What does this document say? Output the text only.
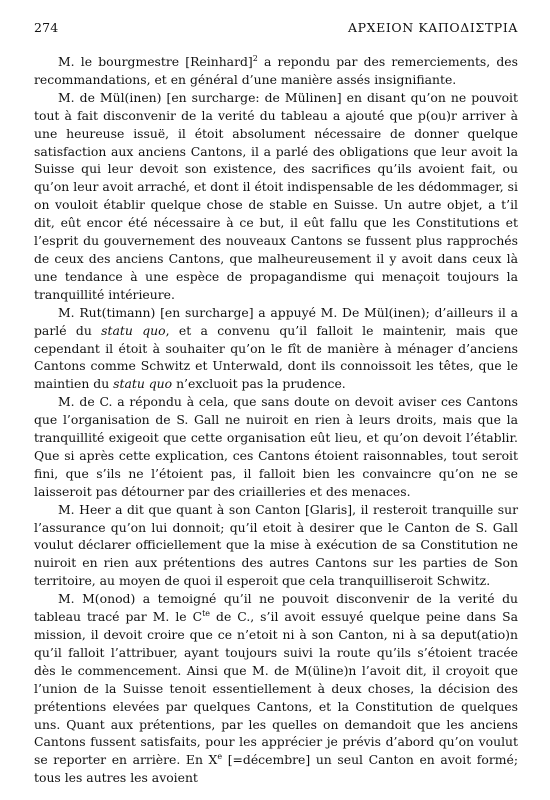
274	ΑΡΧΕΙΟΝ ΚΑΠΟΔΙΣΤΡΙΑ

M. le bourgmestre [Reinhard]$^2$ a repondu par des remerciements, des recommandations, et en général d’une manière assés insignifiante.

M. de Mül(inen) [en surcharge: de Mülinen] en disant qu’on ne pouvoit tout à fait disconvenir de la verité du tableau a ajouté que p(ou)r arriver à une heureuse issuë, il étoit absolument nécessaire de donner quelque satisfaction aux anciens Cantons, il a parlé des obligations que leur avoit la Suisse qui leur devoit son existence, des sacrifices qu’ils avoient fait, ou qu’on leur avoit arraché, et dont il étoit indispensable de les dédommager, si on vouloit établir quelque chose de stable en Suisse. Un autre objet, a t’il dit, eût encor été nécessaire à ce but, il eût fallu que les Constitutions et l’esprit du gouvernement des nouveaux Cantons se fussent plus rapprochés de ceux des anciens Cantons, que malheureusement il y avoit dans ceux là une tendance à une espèce de propagandisme qui menaçoit toujours la tranquillité intérieure.

M. Rut(timann) [en surcharge] a appuyé M. De Mül(inen); d’ailleurs il a parlé du statu quo, et a convenu qu’il falloit le maintenir, mais que cependant il étoit à souhaiter qu’on le fît de manière à ménager d’anciens Cantons comme Schwitz et Unterwald, dont ils connoissoit les têtes, que le maintien du statu quo n’excluoit pas la prudence.

M. de C. a répondu à cela, que sans doute on devoit aviser ces Cantons que l’organisation de S. Gall ne nuiroit en rien à leurs droits, mais que la tranquillité exigeoit que cette organisation eût lieu, et qu’on devoit l’établir. Que si après cette explication, ces Cantons étoient raisonnables, tout seroit fini, que s’ils ne l’étoient pas, il falloit bien les convaincre qu’on ne se laisseroit pas détourner par des criailleries et des menaces.

M. Heer a dit que quant à son Canton [Glaris], il resteroit tranquille sur l’assurance qu’on lui donnoit; qu’il etoit à desirer que le Canton de S. Gall voulut déclarer officiellement que la mise à exécution de sa Constitution ne nuiroit en rien aux prétentions des autres Cantons sur les parties de Son territoire, au moyen de quoi il esperoit que cela tranquilliseroit Schwitz.

M. M(onod) a temoigné qu’il ne pouvoit disconvenir de la verité du tableau tracé par M. le $C^{te}$ de C., s’il avoit essuyé quelque peine dans Sa mission, il devoit croire que ce n’etoit ni à son Canton, ni à sa deput(atio)n qu’il falloit l’attribuer, ayant toujours suivi la route qu’ils s’étoient tracée dès le commencement. Ainsi que M. de M(üline)n l’avoit dit, il croyoit que l’union de la Suisse tenoit essentiellement à deux choses, la décision des prétentions elevées par quelques Cantons, et la Constitution de quelques uns. Quant aux prétentions, par les quelles on demandoit que les anciens Cantons fussent satisfaits, pour les apprécier je prévis d’abord qu’on voulut se reporter en arrière. En Xe [=décembre] un seul Canton en avoit formé; tous les autres les avoient
